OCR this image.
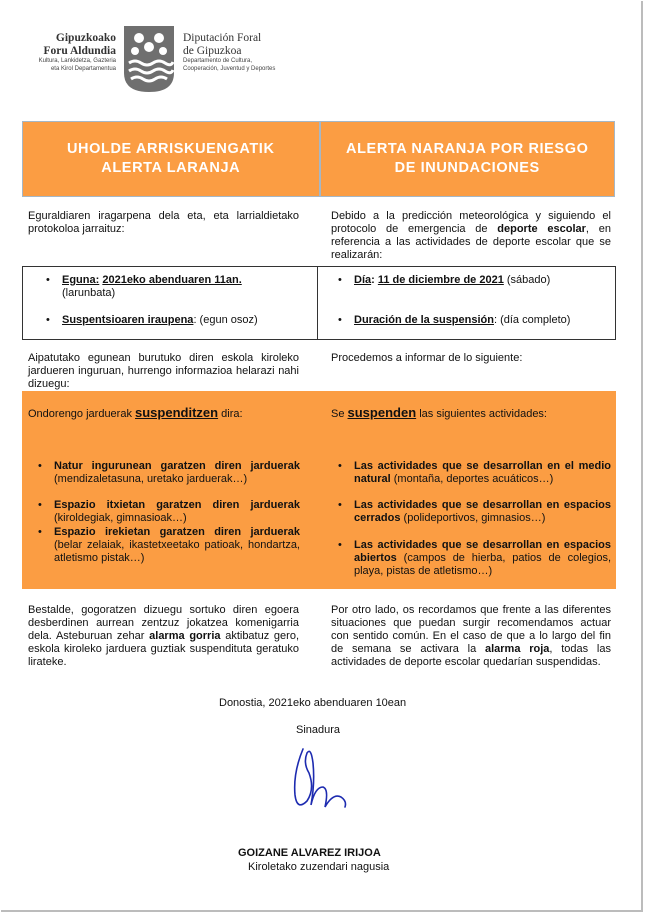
Gipuzkoako
Foru Aldundia
Kultura, Lankidetza, Gazteria
eta Kirol Departamentua
Diputación Foral
de Gipuzkoa
Departamento de Cultura,
Cooperación, Juventud y Deportes
UHOLDE ARRISKUENGATIK
ALERTA LARANJA
ALERTA NARANJA POR RIESGO
DE INUNDACIONES
Eguraldiaren iragarpena dela eta, eta larrialdietako protokoloa jarraituz:
Debido a la predicción meteorológica y siguiendo el protocolo de emergencia de deporte escolar, en referencia a las actividades de deporte escolar que se realizarán:
• Eguna: 2021eko abenduaren 11an.
(larunbata)
• Suspentsioaren iraupena: (egun osoz)
• Día: 11 de diciembre de 2021 (sábado)
• Duración de la suspensión: (día completo)
Aipatutako egunean burutuko diren eskola kiroleko jardueren inguruan, hurrengo informazioa helarazi nahi dizuegu:
Procedemos a informar de lo siguiente:
Ondorengo jarduerak suspenditzen dira:	Se suspenden las siguientes actividades:
• Natur ingurunean garatzen diren jarduerak (mendizaletasuna, uretako jarduerak…)
• Espazio itxietan garatzen diren jarduerak (kiroldegiak, gimnasioak…)
• Espazio irekietan garatzen diren jarduerak (belar zelaiak, ikastetxeetako patioak, hondartza, atletismo pistak…)
• Las actividades que se desarrollan en el medio natural (montaña, deportes acuáticos…)
• Las actividades que se desarrollan en espacios cerrados (polideportivos, gimnasios…)
• Las actividades que se desarrollan en espacios abiertos (campos de hierba, patios de colegios, playa, pistas de atletismo…)
Bestalde, gogoratzen dizuegu sortuko diren egoera desberdinen aurrean zentzuz jokatzea komenigarria dela. Asteburuan zehar alarma gorria aktibatuz gero, eskola kiroleko jarduera guztiak suspendituta geratuko lirateke.
Por otro lado, os recordamos que frente a las diferentes situaciones que puedan surgir recomendamos actuar con sentido común. En el caso de que a lo largo del fin de semana se activara la alarma roja, todas las actividades de deporte escolar quedarían suspendidas.
Donostia, 2021eko abenduaren 10ean
Sinadura
GOIZANE ALVAREZ IRIJOA
Kiroletako zuzendari nagusia
